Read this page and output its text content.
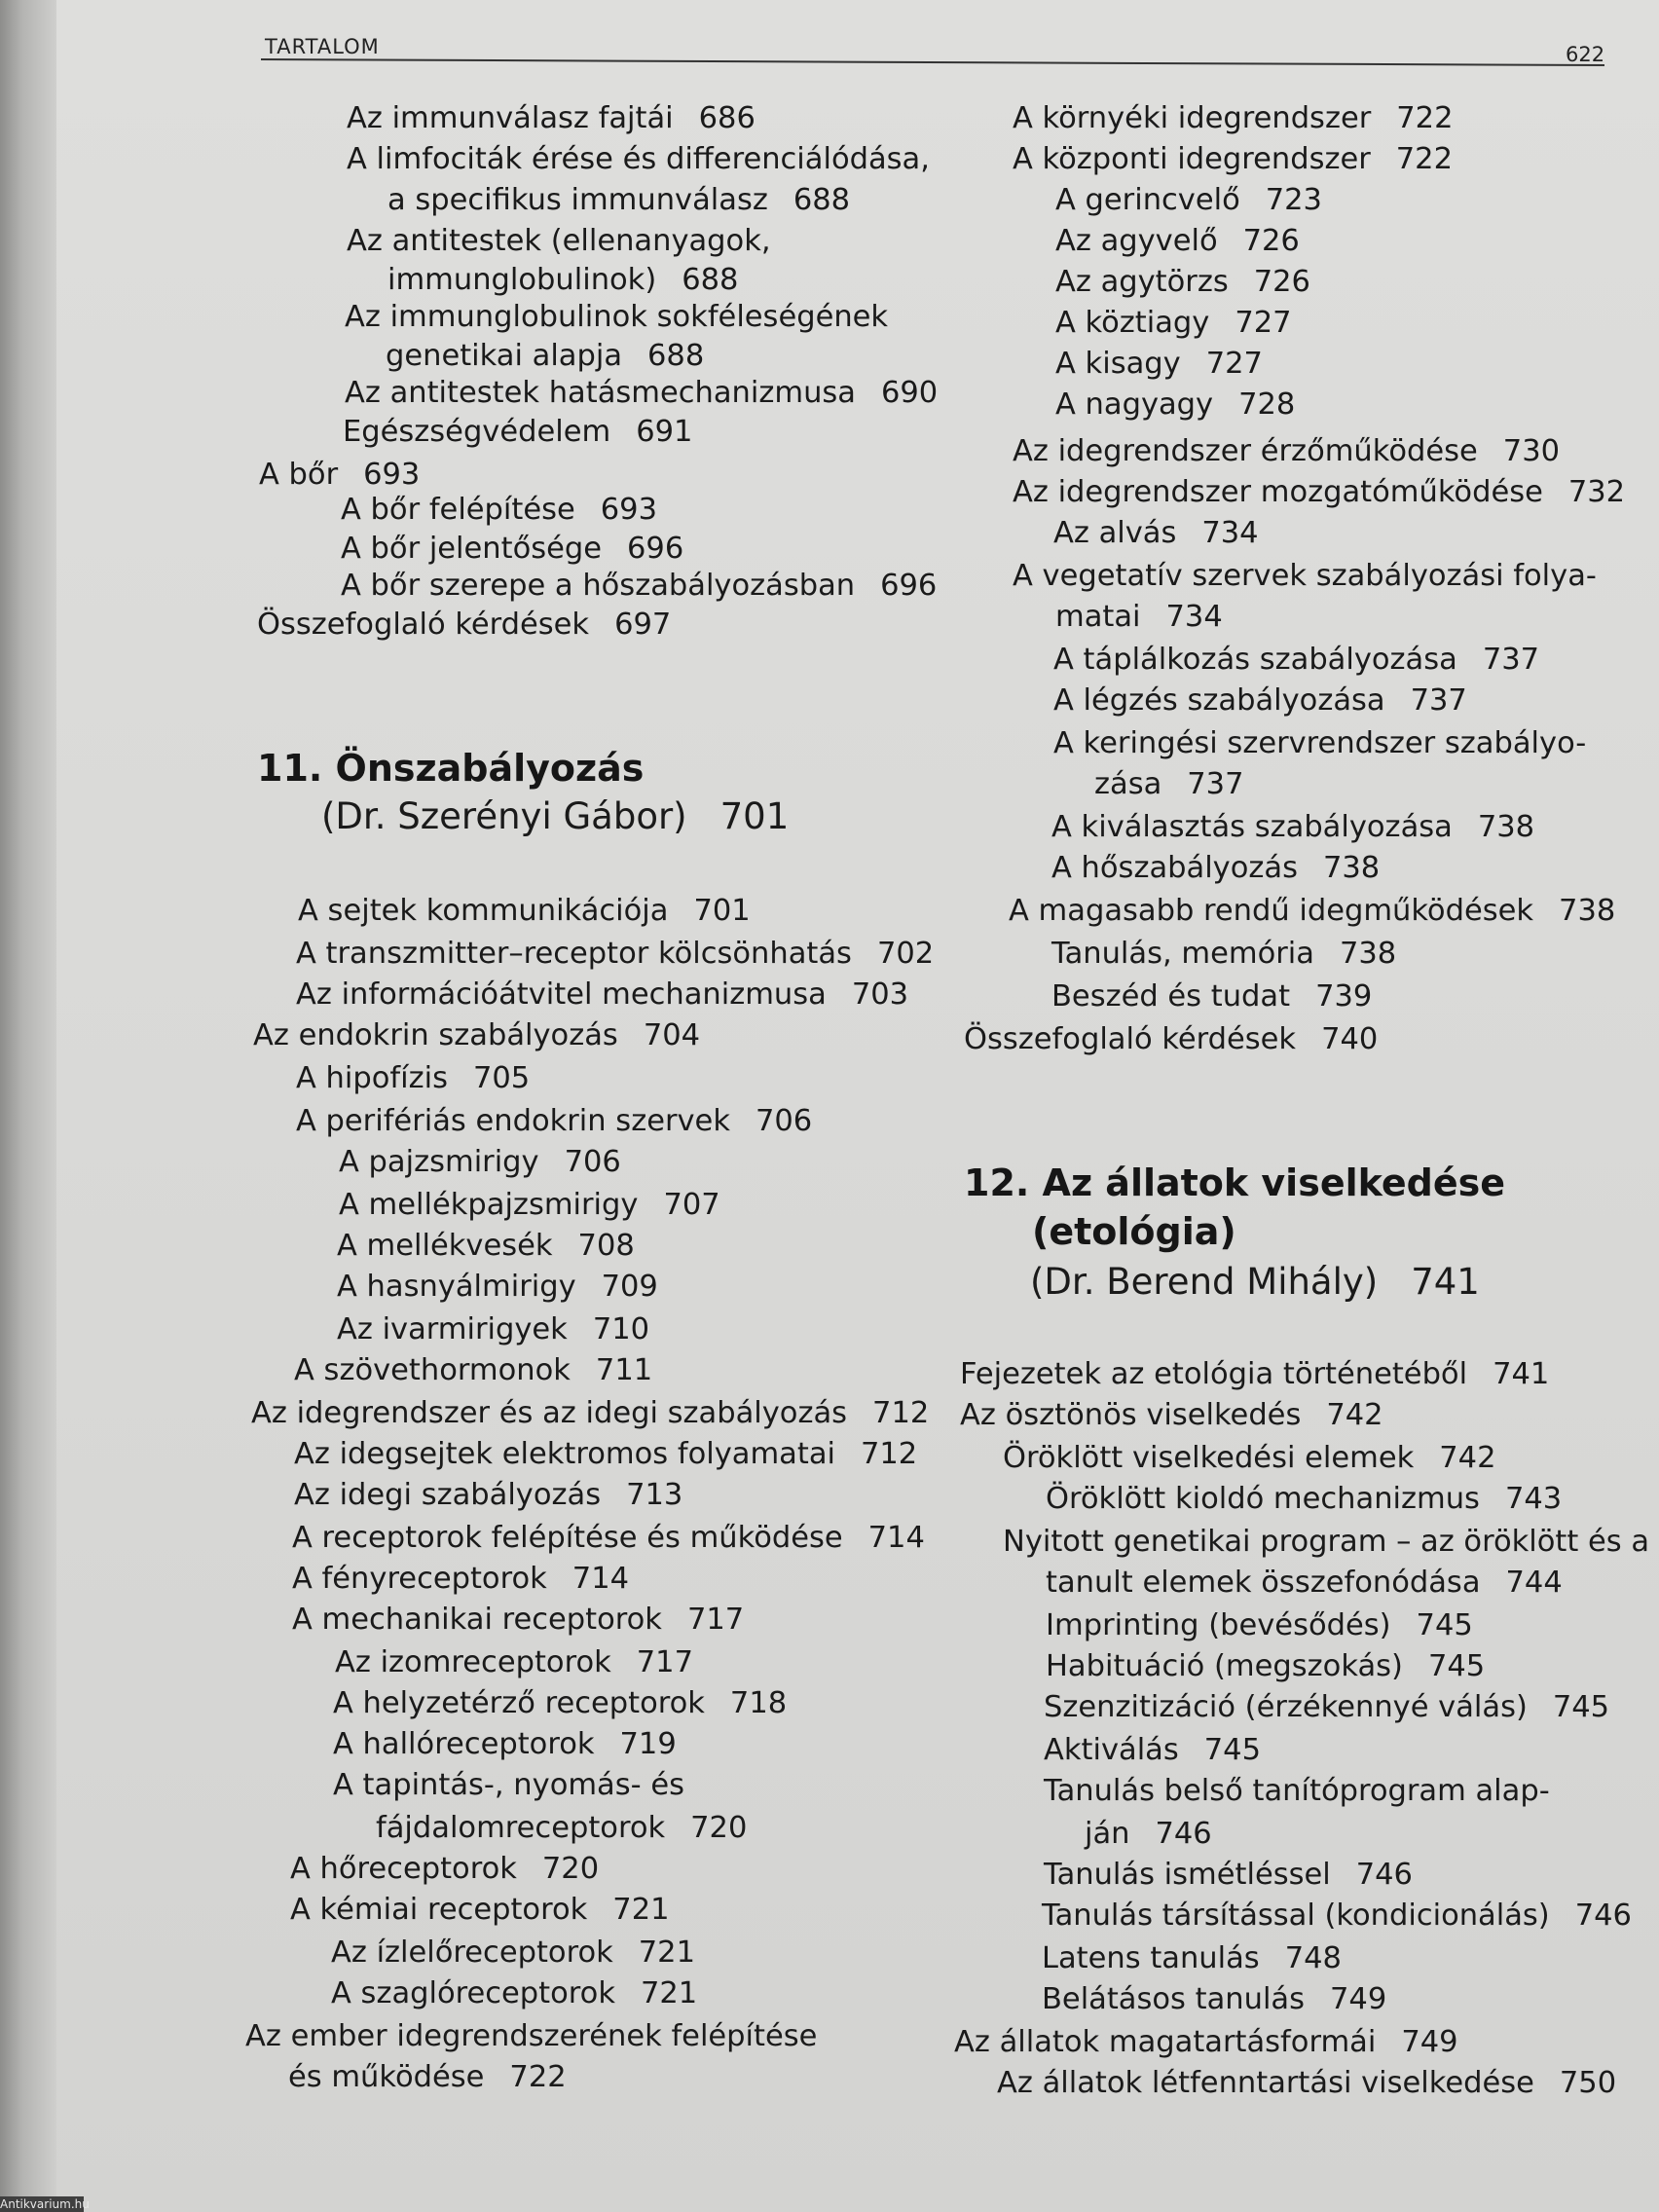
TARTALOM	622
Az immunválasz fajtái 686
A limfociták érése és differenciálódása,
a specifikus immunválasz 688
Az antitestek (ellenanyagok,
immunglobulinok) 688
Az immunglobulinok sokféleségének
genetikai alapja 688
Az antitestek hatásmechanizmusa 690
Egészségvédelem 691
A bőr 693
A bőr felépítése 693
A bőr jelentősége 696
A bőr szerepe a hőszabályozásban 696
Összefoglaló kérdések 697
11. Önszabályozás
(Dr. Szerényi Gábor) 701
A sejtek kommunikációja 701
A transzmitter–receptor kölcsönhatás 702
Az információátvitel mechanizmusa 703
Az endokrin szabályozás 704
A hipofízis 705
A perifériás endokrin szervek 706
A pajzsmirigy 706
A mellékpajzsmirigy 707
A mellékvesék 708
A hasnyálmirigy 709
Az ivarmirigyek 710
A szövethormonok 711
Az idegrendszer és az idegi szabályozás 712
Az idegsejtek elektromos folyamatai 712
Az idegi szabályozás 713
A receptorok felépítése és működése 714
A fényreceptorok 714
A mechanikai receptorok 717
Az izomreceptorok 717
A helyzetérző receptorok 718
A hallóreceptorok 719
A tapintás-, nyomás- és
fájdalomreceptorok 720
A hőreceptorok 720
A kémiai receptorok 721
Az ízlelőreceptorok 721
A szaglóreceptorok 721
Az ember idegrendszerének felépítése
és működése 722
A környéki idegrendszer 722
A központi idegrendszer 722
A gerincvelő 723
Az agyvelő 726
Az agytörzs 726
A köztiagy 727
A kisagy 727
A nagyagy 728
Az idegrendszer érzőműködése 730
Az idegrendszer mozgatóműködése 732
Az alvás 734
A vegetatív szervek szabályozási folya-
matai 734
A táplálkozás szabályozása 737
A légzés szabályozása 737
A keringési szervrendszer szabályo-
zása 737
A kiválasztás szabályozása 738
A hőszabályozás 738
A magasabb rendű idegműködések 738
Tanulás, memória 738
Beszéd és tudat 739
Összefoglaló kérdések 740
12. Az állatok viselkedése
(etológia)
(Dr. Berend Mihály) 741
Fejezetek az etológia történetéből 741
Az ösztönös viselkedés 742
Öröklött viselkedési elemek 742
Öröklött kioldó mechanizmus 743
Nyitott genetikai program – az öröklött és a
tanult elemek összefonódása 744
Imprinting (bevésődés) 745
Habituáció (megszokás) 745
Szenzitizáció (érzékennyé válás) 745
Aktiválás 745
Tanulás belső tanítóprogram alap-
ján 746
Tanulás ismétléssel 746
Tanulás társítással (kondicionálás) 746
Latens tanulás 748
Belátásos tanulás 749
Az állatok magatartásformái 749
Az állatok létfenntartási viselkedése 750
Antikvarium.hu
